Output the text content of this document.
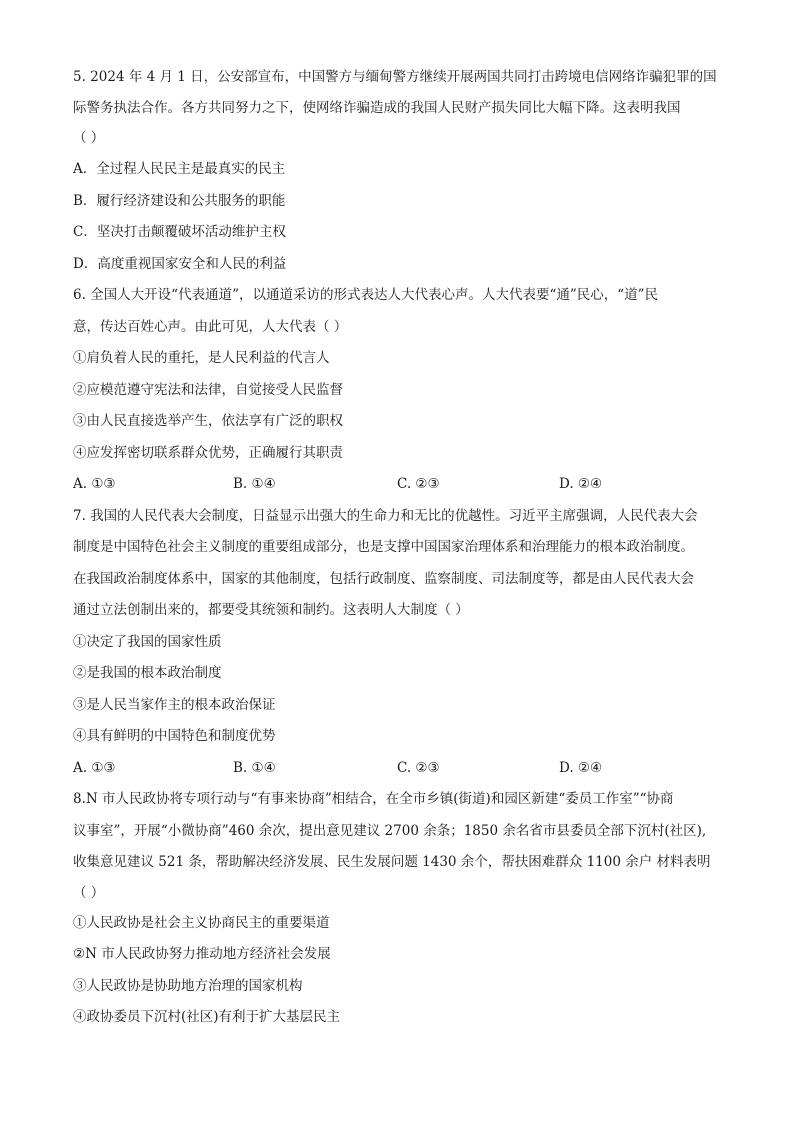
5. 2024 年 4 月 1 日，公安部宣布，中国警方与缅甸警方继续开展两国共同打击跨境电信网络诈骗犯罪的国
际警务执法合作。各方共同努力之下，使网络诈骗造成的我国人民财产损失同比大幅下降。这表明我国
（ ）
A．全过程人民民主是最真实的民主
B．履行经济建设和公共服务的职能
C．坚决打击颠覆破坏活动维护主权
D．高度重视国家安全和人民的利益
6. 全国人大开设“代表通道”，以通道采访的形式表达人大代表心声。人大代表要“通”民心，“道”民
意，传达百姓心声。由此可见，人大代表（ ）
①肩负着人民的重托，是人民利益的代言人
②应模范遵守宪法和法律，自觉接受人民监督
③由人民直接选举产生，依法享有广泛的职权
④应发挥密切联系群众优势，正确履行其职责
A. ①③	B. ①④	C. ②③	D. ②④
7. 我国的人民代表大会制度，日益显示出强大的生命力和无比的优越性。习近平主席强调，人民代表大会
制度是中国特色社会主义制度的重要组成部分，也是支撑中国国家治理体系和治理能力的根本政治制度。
在我国政治制度体系中，国家的其他制度，包括行政制度、监察制度、司法制度等，都是由人民代表大会
通过立法创制出来的，都要受其统领和制约。这表明人大制度（ ）
①决定了我国的国家性质
②是我国的根本政治制度
③是人民当家作主的根本政治保证
④具有鲜明的中国特色和制度优势
A. ①③	B. ①④	C. ②③	D. ②④
8.N 市人民政协将专项行动与“有事来协商”相结合，在全市乡镇(街道)和园区新建“委员工作室”“协商
议事室”，开展“小微协商”460 余次，提出意见建议 2700 余条；1850 余名省市县委员全部下沉村(社区),
收集意见建议 521 条，帮助解决经济发展、民生发展问题 1430 余个，帮扶困难群众 1100 余户 材料表明
（ ）
①人民政协是社会主义协商民主的重要渠道
②N 市人民政协努力推动地方经济社会发展
③人民政协是协助地方治理的国家机构
④政协委员下沉村(社区)有利于扩大基层民主
